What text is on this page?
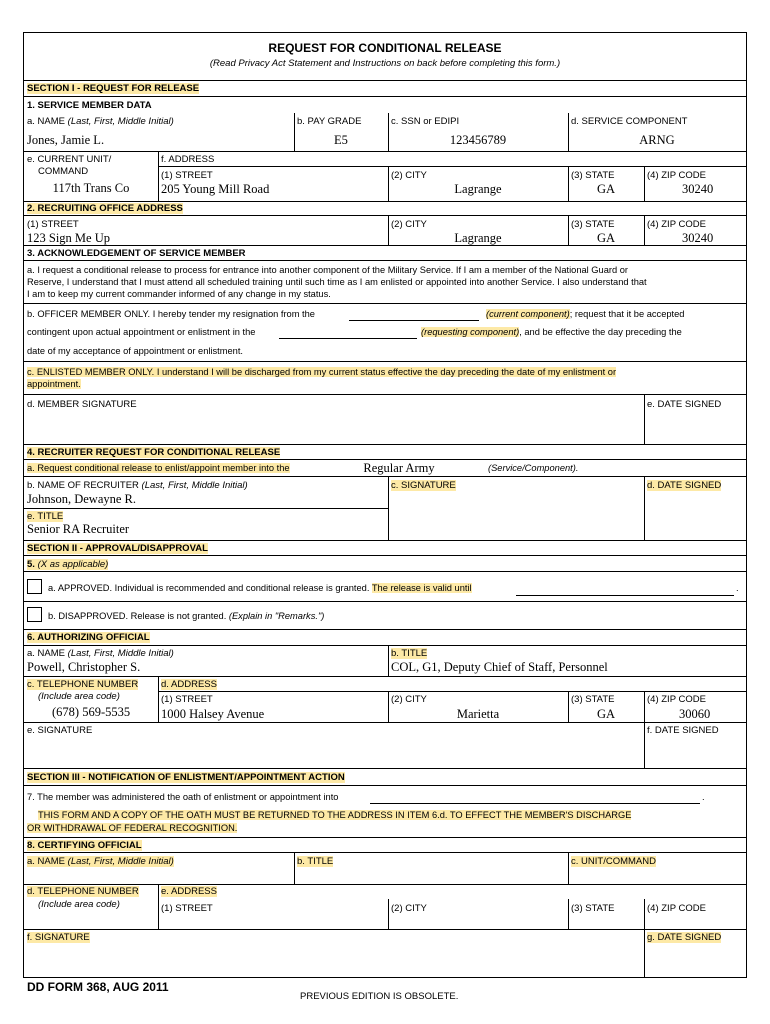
REQUEST FOR CONDITIONAL RELEASE
(Read Privacy Act Statement and Instructions on back before completing this form.)
SECTION I - REQUEST FOR RELEASE
1. SERVICE MEMBER DATA
a. NAME (Last, First, Middle Initial)
Jones, Jamie L.
b. PAY GRADE
E5
c. SSN or EDIPI
123456789
d. SERVICE COMPONENT
ARNG
e. CURRENT UNIT/
COMMAND
117th Trans Co
f. ADDRESS
(1) STREET
205 Young Mill Road
(2) CITY
Lagrange
(3) STATE
GA
(4) ZIP CODE
30240
2. RECRUITING OFFICE ADDRESS
(1) STREET
123 Sign Me Up
(2) CITY
Lagrange
(3) STATE
GA
(4) ZIP CODE
30240
3. ACKNOWLEDGEMENT OF SERVICE MEMBER
a. I request a conditional release to process for entrance into another component of the Military Service. If I am a member of the National Guard or
Reserve, I understand that I must attend all scheduled training until such time as I am enlisted or appointed into another Service. I also understand that
I am to keep my current commander informed of any change in my status.
b. OFFICER MEMBER ONLY. I hereby tender my resignation from the	(current component); request that it be accepted
contingent upon actual appointment or enlistment in the	(requesting component), and be effective the day preceding the
date of my acceptance of appointment or enlistment.
c. ENLISTED MEMBER ONLY. I understand I will be discharged from my current status effective the day preceding the date of my enlistment or
appointment.
d. MEMBER SIGNATURE	e. DATE SIGNED
4. RECRUITER REQUEST FOR CONDITIONAL RELEASE
a. Request conditional release to enlist/appoint member into the	Regular Army	(Service/Component).
b. NAME OF RECRUITER (Last, First, Middle Initial)
Johnson, Dewayne R.
c. SIGNATURE	d. DATE SIGNED
e. TITLE
Senior RA Recruiter
SECTION II - APPROVAL/DISAPPROVAL
5. (X as applicable)
a. APPROVED. Individual is recommended and conditional release is granted. The release is valid until	.
b. DISAPPROVED. Release is not granted. (Explain in "Remarks.")
6. AUTHORIZING OFFICIAL
a. NAME (Last, First, Middle Initial)
Powell, Christopher S.
b. TITLE
COL, G1, Deputy Chief of Staff, Personnel
c. TELEPHONE NUMBER
(Include area code)
(678) 569-5535
d. ADDRESS
(1) STREET
1000 Halsey Avenue
(2) CITY
Marietta
(3) STATE
GA
(4) ZIP CODE
30060
e. SIGNATURE	f. DATE SIGNED
SECTION III - NOTIFICATION OF ENLISTMENT/APPOINTMENT ACTION
7. The member was administered the oath of enlistment or appointment into	.
THIS FORM AND A COPY OF THE OATH MUST BE RETURNED TO THE ADDRESS IN ITEM 6.d. TO EFFECT THE MEMBER'S DISCHARGE
OR WITHDRAWAL OF FEDERAL RECOGNITION.
8. CERTIFYING OFFICIAL
a. NAME (Last, First, Middle Initial)	b. TITLE	c. UNIT/COMMAND
d. TELEPHONE NUMBER
(Include area code)
e. ADDRESS
(1) STREET	(2) CITY	(3) STATE	(4) ZIP CODE
f. SIGNATURE	g. DATE SIGNED
DD FORM 368, AUG 2011
PREVIOUS EDITION IS OBSOLETE.
